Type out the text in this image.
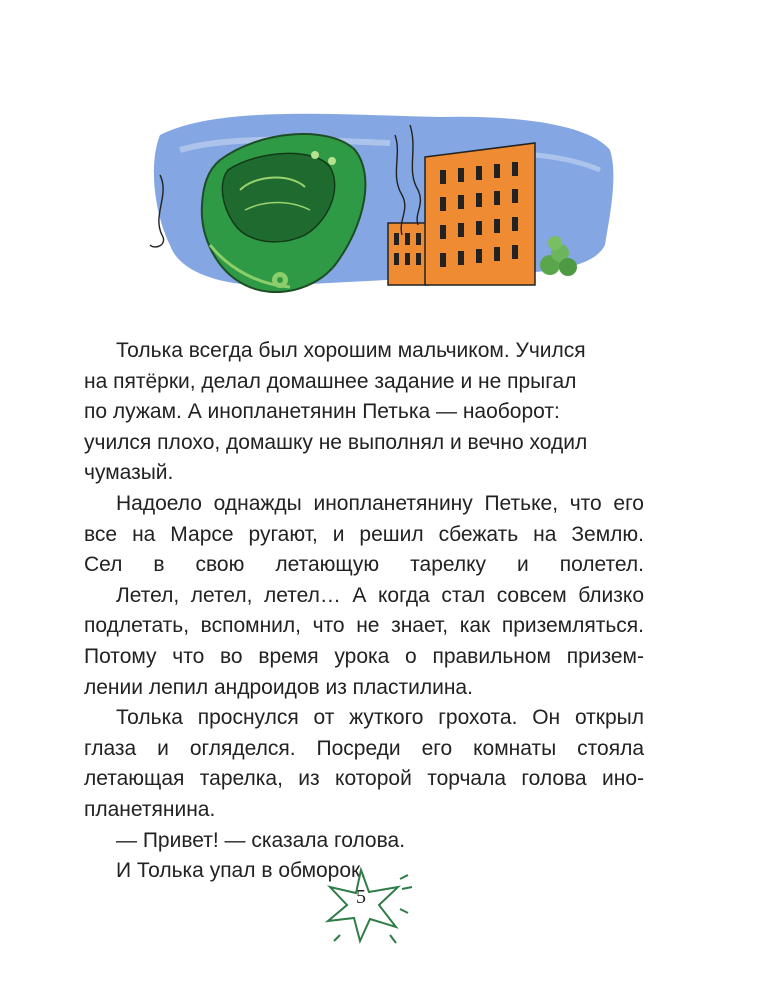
Толька всегда был хорошим мальчиком. Учился
на пятёрки, делал домашнее задание и не прыгал
по лужам. А инопланетянин Петька — наоборот:
учился плохо, домашку не выполнял и вечно ходил
чумазый.

Надоело однажды инопланетянину Петьке, что его
все на Марсе ругают, и решил сбежать на Землю.
Сел в свою летающую тарелку и полетел.

Летел, летел, летел… А когда стал совсем близко
подлетать, вспомнил, что не знает, как приземляться.
Потому что во время урока о правильном призем-
лении лепил андроидов из пластилина.

Толька проснулся от жуткого грохота. Он открыл
глаза и огляделся. Посреди его комнаты стояла
летающая тарелка, из которой торчала голова ино-
планетянина.

— Привет! — сказала голова.

И Толька упал в обморок.

5
